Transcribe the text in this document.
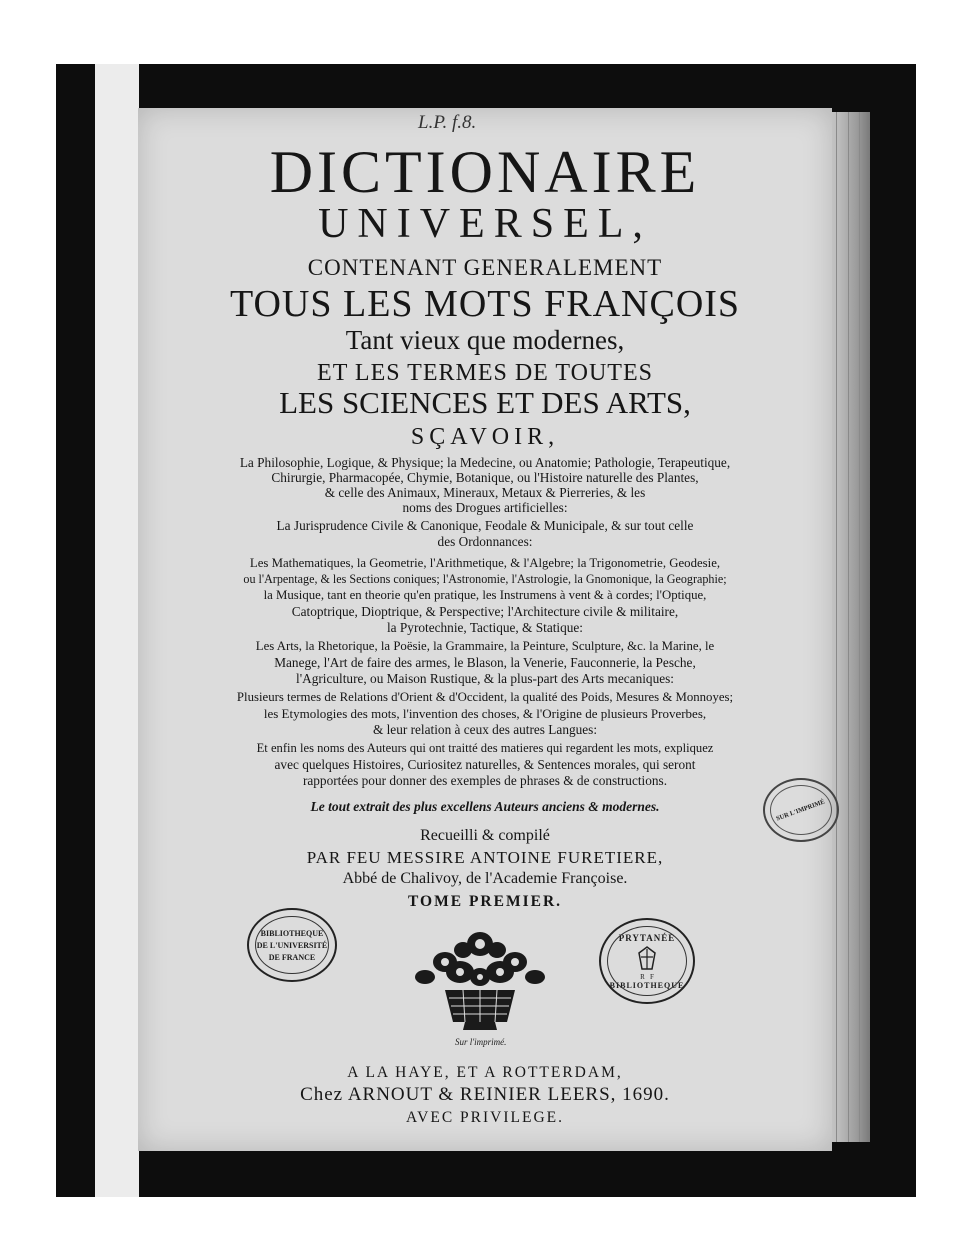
DICTIONAIRE
UNIVERSEL,
CONTENANT GENERALEMENT
TOUS LES MOTS FRANÇOIS
Tant vieux que modernes,
ET LES TERMES DE TOUTES
LES SCIENCES ET DES ARTS,
SÇAVOIR,
La Philosophie, Logique, & Physique; la Medecine, ou Anatomie; Pathologie, Terapeutique,
Chirurgie, Pharmacopée, Chymie, Botanique, ou l'Histoire naturelle des Plantes,
& celle des Animaux, Mineraux, Metaux & Pierreries, & les
noms des Drogues artificielles:
La Jurisprudence Civile & Canonique, Feodale & Municipale, & sur tout celle
des Ordonnances:
Les Mathematiques, la Geometrie, l'Arithmetique, & l'Algebre; la Trigonometrie, Geodesie,
ou l'Arpentage, & les Sections coniques; l'Astronomie, l'Astrologie, la Gnomonique, la Geographie;
la Musique, tant en theorie qu'en pratique, les Instrumens à vent & à cordes; l'Optique,
Catoptrique, Dioptrique, & Perspective; l'Architecture civile & militaire,
la Pyrotechnie, Tactique, & Statique:
Les Arts, la Rhetorique, la Poësie, la Grammaire, la Peinture, Sculpture, &c. la Marine, le
Manege, l'Art de faire des armes, le Blason, la Venerie, Fauconnerie, la Pesche,
l'Agriculture, ou Maison Rustique, & la plus-part des Arts mecaniques:
Plusieurs termes de Relations d'Orient & d'Occident, la qualité des Poids, Mesures & Monnoyes;
les Etymologies des mots, l'invention des choses, & l'Origine de plusieurs Proverbes,
& leur relation à ceux des autres Langues:
Et enfin les noms des Auteurs qui ont traitté des matieres qui regardent les mots, expliquez
avec quelques Histoires, Curiositez naturelles, & Sentences morales, qui seront
rapportées pour donner des exemples de phrases & de constructions.
Le tout extrait des plus excellens Auteurs anciens & modernes.
Recueilli & compilé
PAR FEU MESSIRE ANTOINE FURETIERE,
Abbé de Chalivoy, de l'Academie Françoise.
TOME PREMIER.
A LA HAYE, ET A ROTTERDAM,
Chez ARNOUT & REINIER LEERS, 1690.
AVEC PRIVILEGE.
L.P. f.8.
BIBLIOTHEQUE
DE L'UNIVERSITÉ
DE FRANCE
PRYTANÉE
R   F
BIBLIOTHEQUE
SUR L'IMPRIMÉ
Sur l'imprimé.
